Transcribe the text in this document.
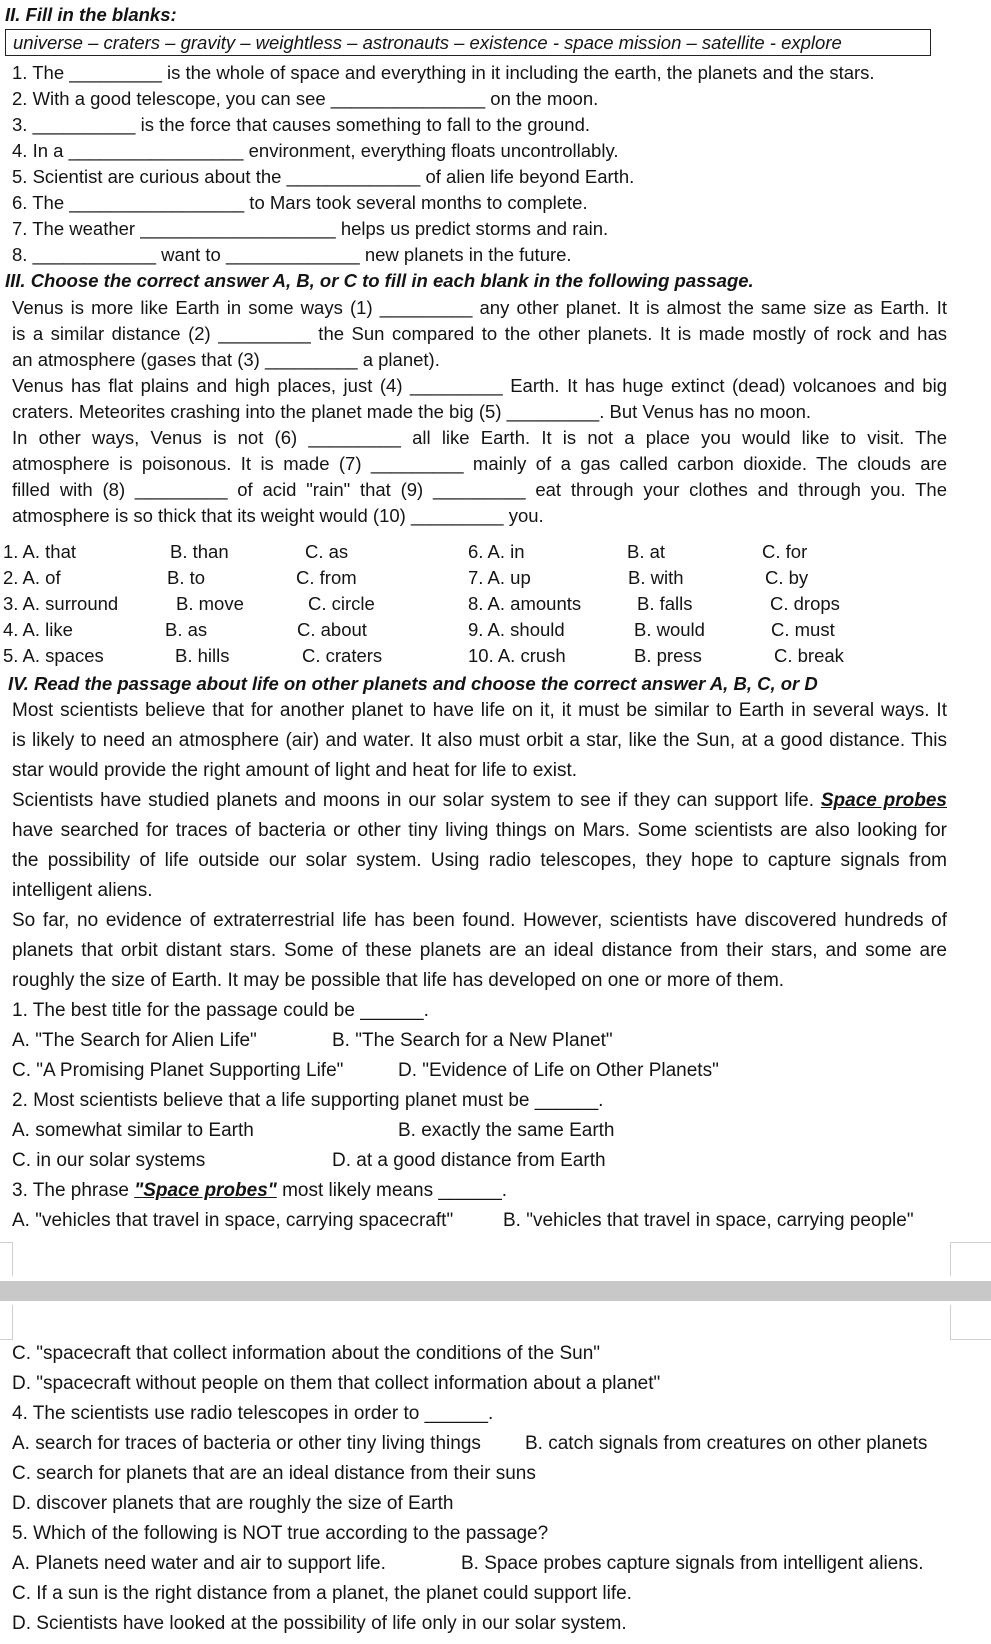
II. Fill in the blanks:
universe – craters – gravity – weightless – astronauts – existence - space mission – satellite - explore
1. The _________ is the whole of space and everything in it including the earth, the planets and the stars.
2. With a good telescope, you can see _______________ on the moon.
3. __________ is the force that causes something to fall to the ground.
4. In a _________________ environment, everything floats uncontrollably.
5. Scientist are curious about the _____________ of alien life beyond Earth.
6. The _________________ to Mars took several months to complete.
7. The weather ___________________ helps us predict storms and rain.
8. ____________ want to _____________ new planets in the future.
III. Choose the correct answer A, B, or C to fill in each blank in the following passage.
Venus is more like Earth in some ways (1) _________ any other planet. It is almost the same size as Earth. It
is a similar distance (2) _________ the Sun compared to the other planets. It is made mostly of rock and has
an atmosphere (gases that (3) _________ a planet).
Venus has flat plains and high places, just (4) _________ Earth. It has huge extinct (dead) volcanoes and big
craters. Meteorites crashing into the planet made the big (5) _________. But Venus has no moon.
In other ways, Venus is not (6) _________ all like Earth. It is not a place you would like to visit. The
atmosphere is poisonous. It is made (7) _________ mainly of a gas called carbon dioxide. The clouds are
filled with (8) _________ of acid "rain" that (9) _________ eat through your clothes and through you. The
atmosphere is so thick that its weight would (10) _________ you.
1. A. that	B. than	C. as	6. A. in	B. at	C. for
2. A. of	B. to	C. from	7. A. up	B. with	C. by
3. A. surround	B. move	C. circle	8. A. amounts	B. falls	C. drops
4. A. like	B. as	C. about	9. A. should	B. would	C. must
5. A. spaces	B. hills	C. craters	10. A. crush	B. press	C. break
IV. Read the passage about life on other planets and choose the correct answer A, B, C, or D
Most scientists believe that for another planet to have life on it, it must be similar to Earth in several ways. It
is likely to need an atmosphere (air) and water. It also must orbit a star, like the Sun, at a good distance. This
star would provide the right amount of light and heat for life to exist.
Scientists have studied planets and moons in our solar system to see if they can support life. Space probes
have searched for traces of bacteria or other tiny living things on Mars. Some scientists are also looking for
the possibility of life outside our solar system. Using radio telescopes, they hope to capture signals from
intelligent aliens.
So far, no evidence of extraterrestrial life has been found. However, scientists have discovered hundreds of
planets that orbit distant stars. Some of these planets are an ideal distance from their stars, and some are
roughly the size of Earth. It may be possible that life has developed on one or more of them.
1. The best title for the passage could be ______.
A. "The Search for Alien Life"	B. "The Search for a New Planet"
C. "A Promising Planet Supporting Life"	D. "Evidence of Life on Other Planets"
2. Most scientists believe that a life supporting planet must be ______.
A. somewhat similar to Earth	B. exactly the same Earth
C. in our solar systems	D. at a good distance from Earth
3. The phrase "Space probes" most likely means ______.
A. "vehicles that travel in space, carrying spacecraft"	B. "vehicles that travel in space, carrying people"
C. "spacecraft that collect information about the conditions of the Sun"
D. "spacecraft without people on them that collect information about a planet"
4. The scientists use radio telescopes in order to ______.
A. search for traces of bacteria or other tiny living things B. catch signals from creatures on other planets
C. search for planets that are an ideal distance from their suns
D. discover planets that are roughly the size of Earth
5. Which of the following is NOT true according to the passage?
A. Planets need water and air to support life.	B. Space probes capture signals from intelligent aliens.
C. If a sun is the right distance from a planet, the planet could support life.
D. Scientists have looked at the possibility of life only in our solar system.
